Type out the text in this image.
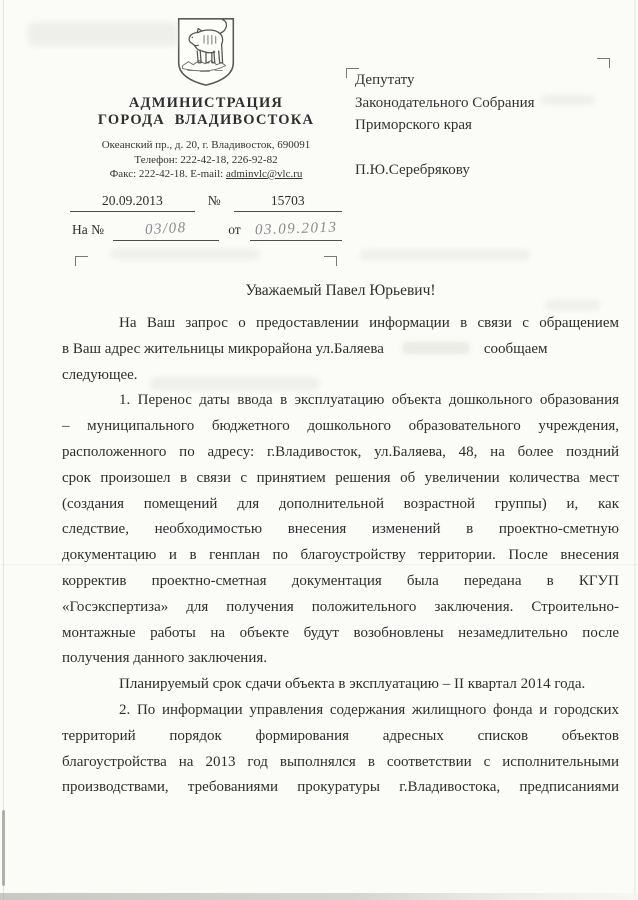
АДМИНИСТРАЦИЯ
ГОРОДА ВЛАДИВОСТОКА
Океанский пр., д. 20, г. Владивосток, 690091
Телефон: 222-42-18, 226-92-82
Факс: 222-42-18. E-mail: adminvlc@vlc.ru
20.09.2013	№	15703
На №	03/08	от 03.09.2013
Депутату
Законодательного Собрания
Приморского края
П.Ю.Серебрякову
Уважаемый Павел Юрьевич!
На Ваш запрос о предоставлении информации в связи с обращением
в Ваш адрес жительницы микрорайона ул.Баляева	сообщаем
следующее.
1. Перенос даты ввода в эксплуатацию объекта дошкольного образования
– муниципального бюджетного дошкольного образовательного учреждения,
расположенного по адресу: г.Владивосток, ул.Баляева, 48, на более поздний
срок произошел в связи с принятием решения об увеличении количества мест
(создания помещений для дополнительной возрастной группы) и, как
следствие, необходимостью внесения изменений в проектно-сметную
документацию и в генплан по благоустройству территории. После внесения
корректив проектно-сметная документация была передана в КГУП
«Госэкспертиза» для получения положительного заключения. Строительно-
монтажные работы на объекте будут возобновлены незамедлительно после
получения данного заключения.
Планируемый срок сдачи объекта в эксплуатацию – II квартал 2014 года.
2. По информации управления содержания жилищного фонда и городских
территорий порядок формирования адресных списков объектов
благоустройства на 2013 год выполнялся в соответствии с исполнительными
производствами, требованиями прокуратуры г.Владивостока, предписаниями
